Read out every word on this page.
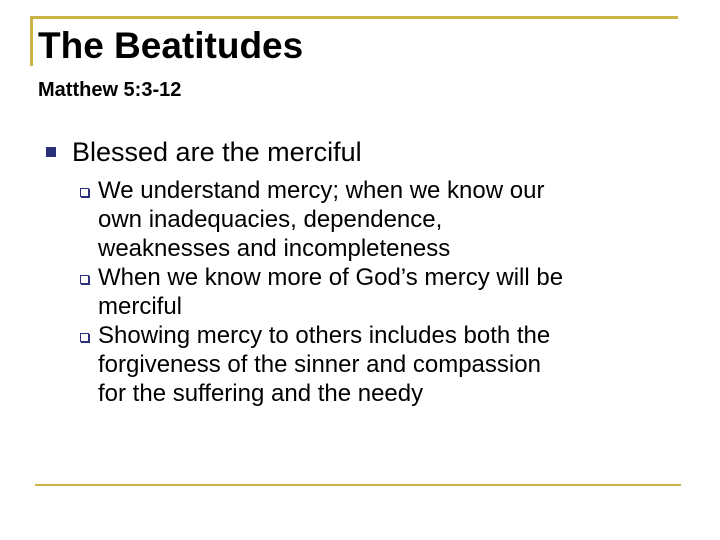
The Beatitudes
Matthew 5:3-12
Blessed are the merciful
We understand mercy; when we know our
own inadequacies, dependence,
weaknesses and incompleteness
When we know more of God’s mercy will be
merciful
Showing mercy to others includes both the
forgiveness of the sinner and compassion
for the suffering and the needy
